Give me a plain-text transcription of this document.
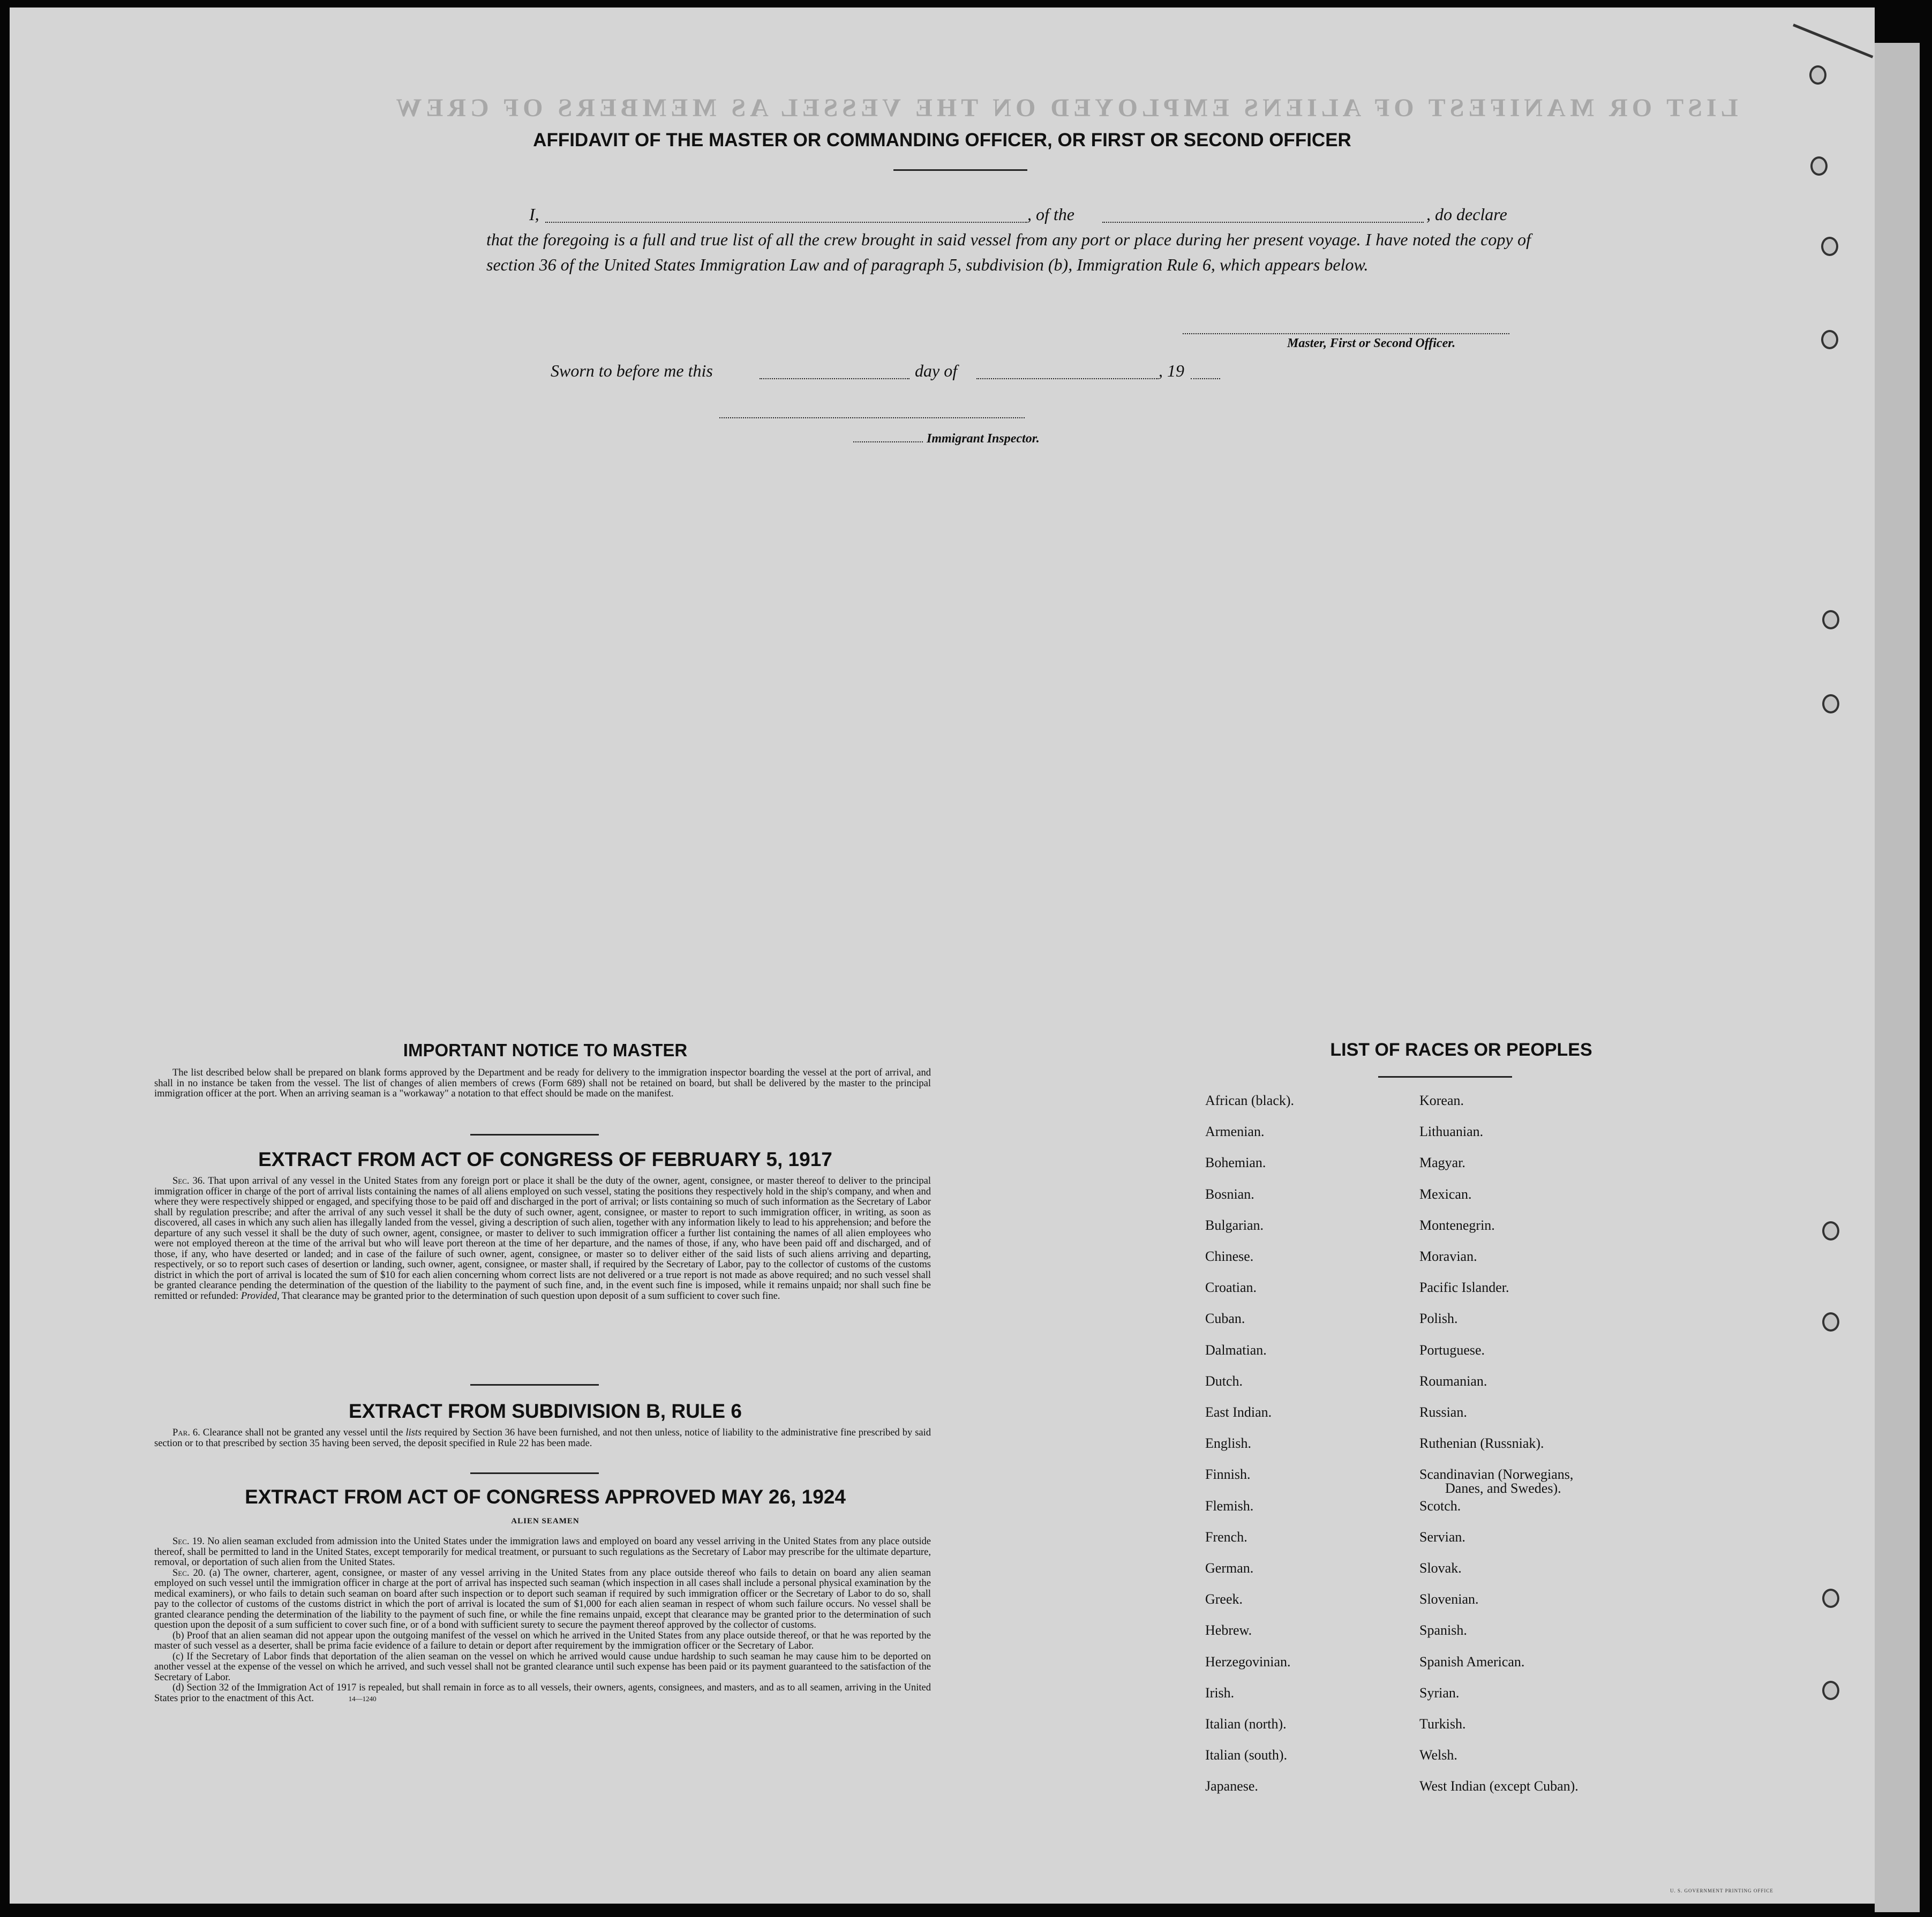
LIST OR MANIFEST OF ALIENS EMPLOYED ON THE VESSEL AS MEMBERS OF CREW
AFFIDAVIT OF THE MASTER OR COMMANDING OFFICER, OR FIRST OR SECOND OFFICER
I,	, of the	, do declare
that the foregoing is a full and true list of all the crew brought in said vessel from any port or place during her present voyage. I have noted the copy of section 36 of the United States Immigration Law and of paragraph 5, subdivision (b), Immigration Rule 6, which appears below.
Master, First or Second Officer.
Sworn to before me this	day of	, 19
Immigrant Inspector.
IMPORTANT NOTICE TO MASTER

The list described below shall be prepared on blank forms approved by the Department and be ready for delivery to the immigration inspector boarding the vessel at the port of arrival, and shall in no instance be taken from the vessel. The list of changes of alien members of crews (Form 689) shall not be retained on board, but shall be delivered by the master to the principal immigration officer at the port. When an arriving seaman is a "workaway" a notation to that effect should be made on the manifest.

EXTRACT FROM ACT OF CONGRESS OF FEBRUARY 5, 1917

Sec. 36. That upon arrival of any vessel in the United States from any foreign port or place it shall be the duty of the owner, agent, consignee, or master thereof to deliver to the principal immigration officer in charge of the port of arrival lists containing the names of all aliens employed on such vessel, stating the positions they respectively hold in the ship's company, and when and where they were respectively shipped or engaged, and specifying those to be paid off and discharged in the port of arrival; or lists containing so much of such information as the Secretary of Labor shall by regulation prescribe; and after the arrival of any such vessel it shall be the duty of such owner, agent, consignee, or master to report to such immigration officer, in writing, as soon as discovered, all cases in which any such alien has illegally landed from the vessel, giving a description of such alien, together with any information likely to lead to his apprehension; and before the departure of any such vessel it shall be the duty of such owner, agent, consignee, or master to deliver to such immigration officer a further list containing the names of all alien employees who were not employed thereon at the time of the arrival but who will leave port thereon at the time of her departure, and the names of those, if any, who have been paid off and discharged, and of those, if any, who have deserted or landed; and in case of the failure of such owner, agent, consignee, or master so to deliver either of the said lists of such aliens arriving and departing, respectively, or so to report such cases of desertion or landing, such owner, agent, consignee, or master shall, if required by the Secretary of Labor, pay to the collector of customs of the customs district in which the port of arrival is located the sum of $10 for each alien concerning whom correct lists are not delivered or a true report is not made as above required; and no such vessel shall be granted clearance pending the determination of the question of the liability to the payment of such fine, and, in the event such fine is imposed, while it remains unpaid; nor shall such fine be remitted or refunded: Provided, That clearance may be granted prior to the determination of such question upon deposit of a sum sufficient to cover such fine.

EXTRACT FROM SUBDIVISION B, RULE 6

Par. 6. Clearance shall not be granted any vessel until the lists required by Section 36 have been furnished, and not then unless, notice of liability to the administrative fine prescribed by said section or to that prescribed by section 35 having been served, the deposit specified in Rule 22 has been made.

EXTRACT FROM ACT OF CONGRESS APPROVED MAY 26, 1924
ALIEN SEAMEN

Sec. 19. No alien seaman excluded from admission into the United States under the immigration laws and employed on board any vessel arriving in the United States from any place outside thereof, shall be permitted to land in the United States, except temporarily for medical treatment, or pursuant to such regulations as the Secretary of Labor may prescribe for the ultimate departure, removal, or deportation of such alien from the United States.

Sec. 20. (a) The owner, charterer, agent, consignee, or master of any vessel arriving in the United States from any place outside thereof who fails to detain on board any alien seaman employed on such vessel until the immigration officer in charge at the port of arrival has inspected such seaman (which inspection in all cases shall include a personal physical examination by the medical examiners), or who fails to detain such seaman on board after such inspection or to deport such seaman if required by such immigration officer or the Secretary of Labor to do so, shall pay to the collector of customs of the customs district in which the port of arrival is located the sum of $1,000 for each alien seaman in respect of whom such failure occurs. No vessel shall be granted clearance pending the determination of the liability to the payment of such fine, or while the fine remains unpaid, except that clearance may be granted prior to the determination of such question upon the deposit of a sum sufficient to cover such fine, or of a bond with sufficient surety to secure the payment thereof approved by the collector of customs.

(b) Proof that an alien seaman did not appear upon the outgoing manifest of the vessel on which he arrived in the United States from any place outside thereof, or that he was reported by the master of such vessel as a deserter, shall be prima facie evidence of a failure to detain or deport after requirement by the immigration officer or the Secretary of Labor.

(c) If the Secretary of Labor finds that deportation of the alien seaman on the vessel on which he arrived would cause undue hardship to such seaman he may cause him to be deported on another vessel at the expense of the vessel on which he arrived, and such vessel shall not be granted clearance until such expense has been paid or its payment guaranteed to the satisfaction of the Secretary of Labor.

(d) Section 32 of the Immigration Act of 1917 is repealed, but shall remain in force as to all vessels, their owners, agents, consignees, and masters, and as to all seamen, arriving in the United States prior to the enactment of this Act.	14—1240

LIST OF RACES OR PEOPLES
U. S. GOVERNMENT PRINTING OFFICE
African (black).
Armenian.
Bohemian.
Bosnian.
Bulgarian.
Chinese.
Croatian.
Cuban.
Dalmatian.
Dutch.
East Indian.
English.
Finnish.
Flemish.
French.
German.
Greek.
Hebrew.
Herzegovinian.
Irish.
Italian (north).
Italian (south).
Japanese.
Korean.
Lithuanian.
Magyar.
Mexican.
Montenegrin.
Moravian.
Pacific Islander.
Polish.
Portuguese.
Roumanian.
Russian.
Ruthenian (Russniak).
Scandinavian (Norwegians,
Danes, and Swedes).
Scotch.
Servian.
Slovak.
Slovenian.
Spanish.
Spanish American.
Syrian.
Turkish.
Welsh.
West Indian (except Cuban).
